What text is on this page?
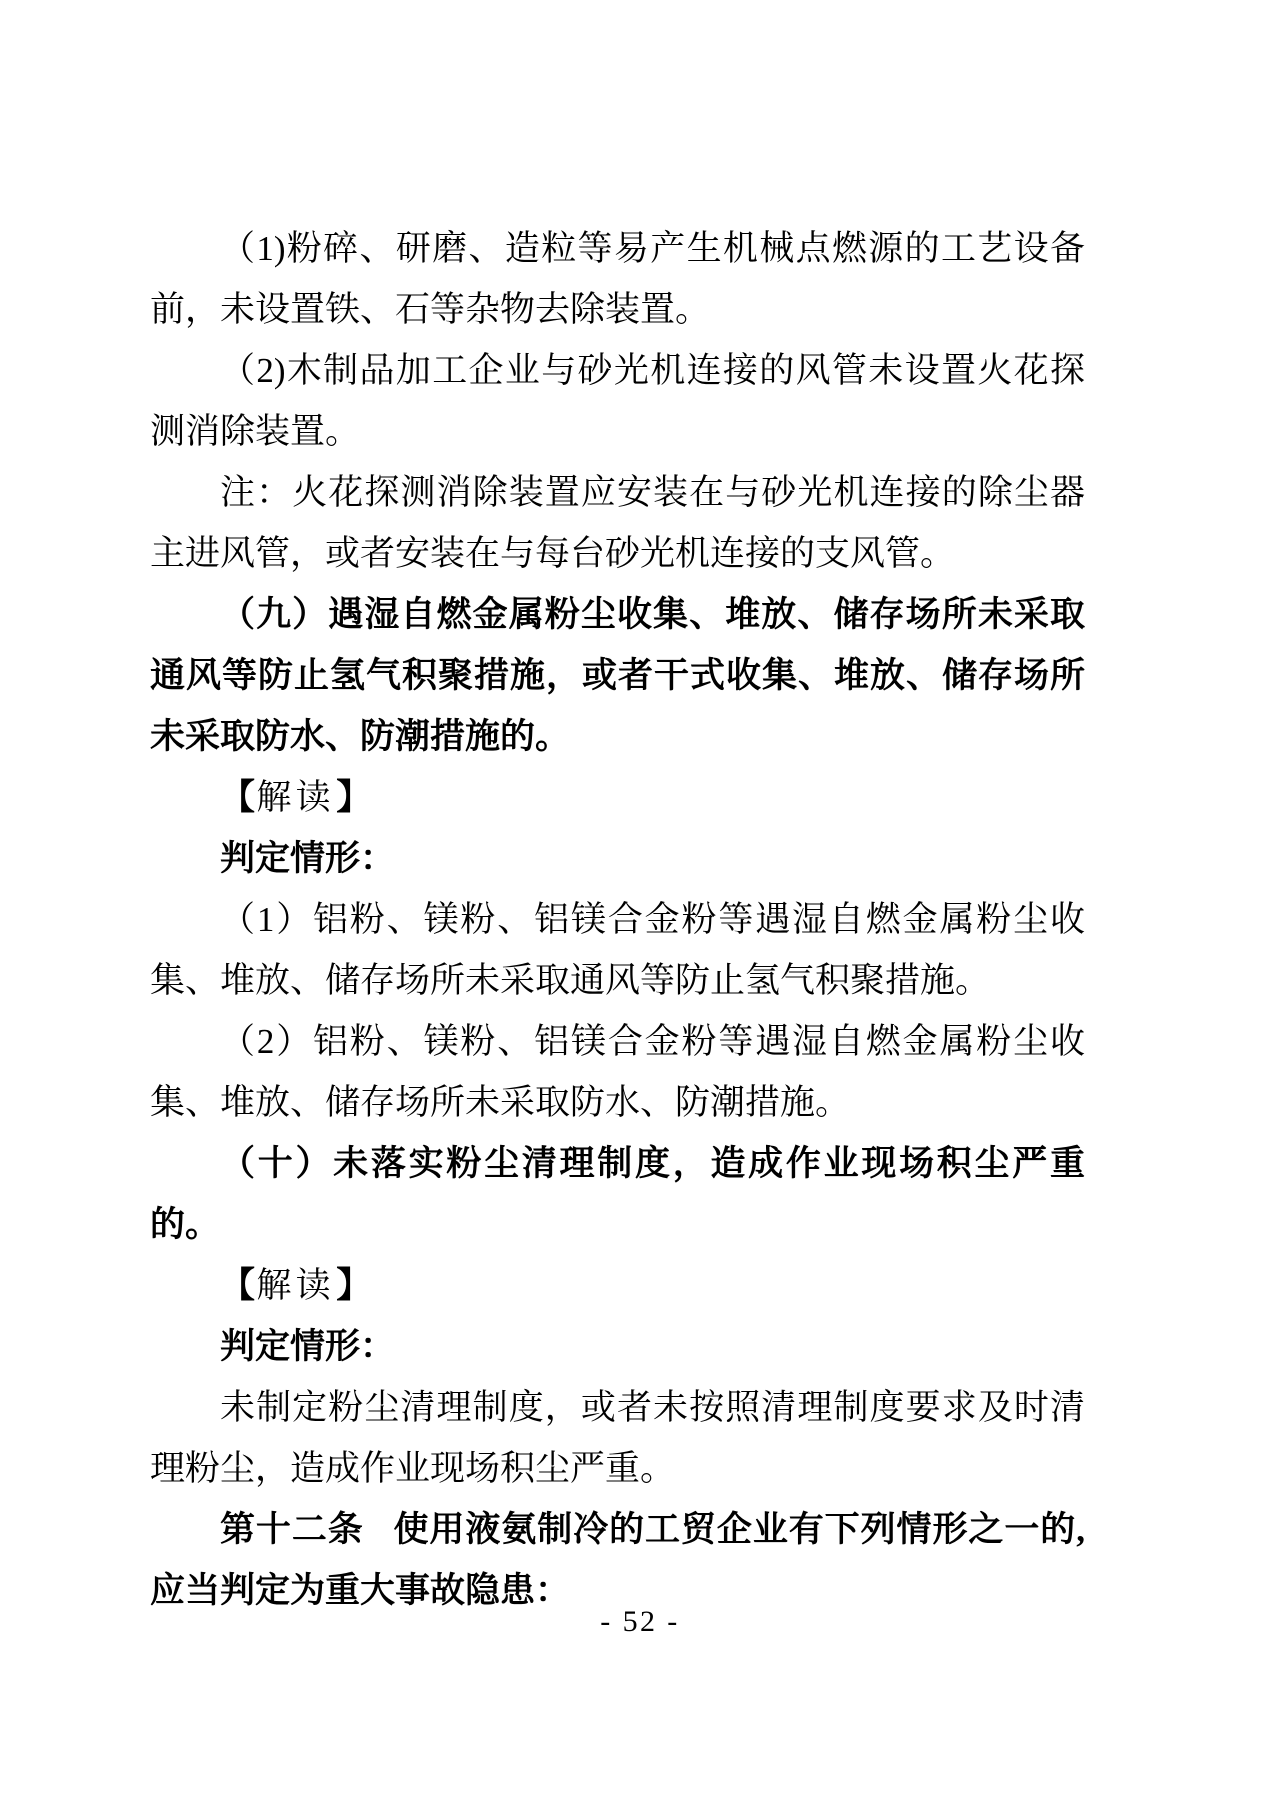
（1)粉碎、研磨、造粒等易产生机械点燃源的工艺设备前，未设置铁、石等杂物去除装置。

（2)木制品加工企业与砂光机连接的风管未设置火花探测消除装置。

注：火花探测消除装置应安装在与砂光机连接的除尘器主进风管，或者安装在与每台砂光机连接的支风管。

（九）遇湿自燃金属粉尘收集、堆放、储存场所未采取通风等防止氢气积聚措施，或者干式收集、堆放、储存场所未采取防水、防潮措施的。

【解读】

判定情形：

（1）铝粉、镁粉、铝镁合金粉等遇湿自燃金属粉尘收集、堆放、储存场所未采取通风等防止氢气积聚措施。

（2）铝粉、镁粉、铝镁合金粉等遇湿自燃金属粉尘收集、堆放、储存场所未采取防水、防潮措施。

（十）未落实粉尘清理制度，造成作业现场积尘严重的。

【解读】

判定情形：

未制定粉尘清理制度，或者未按照清理制度要求及时清理粉尘，造成作业现场积尘严重。

第十二条 使用液氨制冷的工贸企业有下列情形之一的,应当判定为重大事故隐患：

- 52 -
